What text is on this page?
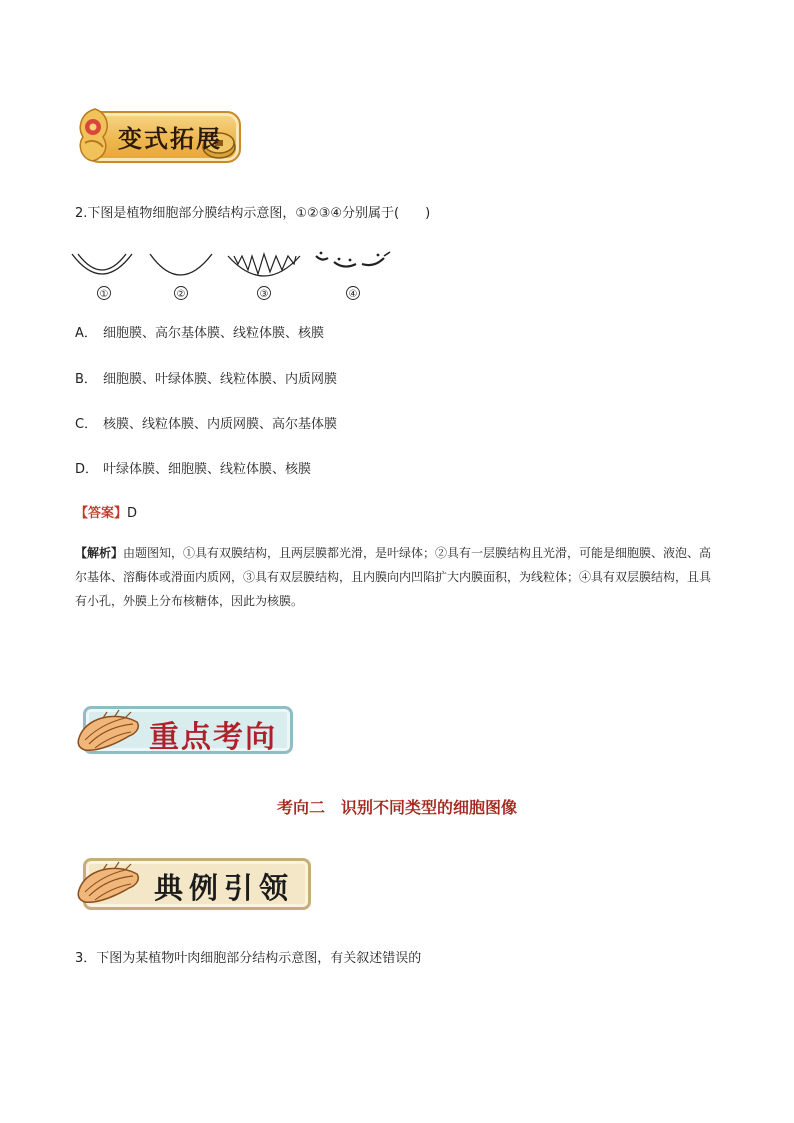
变式拓展
2.下图是植物细胞部分膜结构示意图，①②③④分别属于(　　)
①	②	③	④
A． 细胞膜、高尔基体膜、线粒体膜、核膜
B． 细胞膜、叶绿体膜、线粒体膜、内质网膜
C． 核膜、线粒体膜、内质网膜、高尔基体膜
D． 叶绿体膜、细胞膜、线粒体膜、核膜
【答案】D
【解析】由题图知，①具有双膜结构，且两层膜都光滑，是叶绿体；②具有一层膜结构且光滑，可能是细胞膜、液泡、高尔基体、溶酶体或滑面内质网，③具有双层膜结构，且内膜向内凹陷扩大内膜面积，为线粒体；④具有双层膜结构，且具有小孔，外膜上分布核糖体，因此为核膜。
重点考向
考向二　识别不同类型的细胞图像
典例引领
3．下图为某植物叶肉细胞部分结构示意图，有关叙述错误的
